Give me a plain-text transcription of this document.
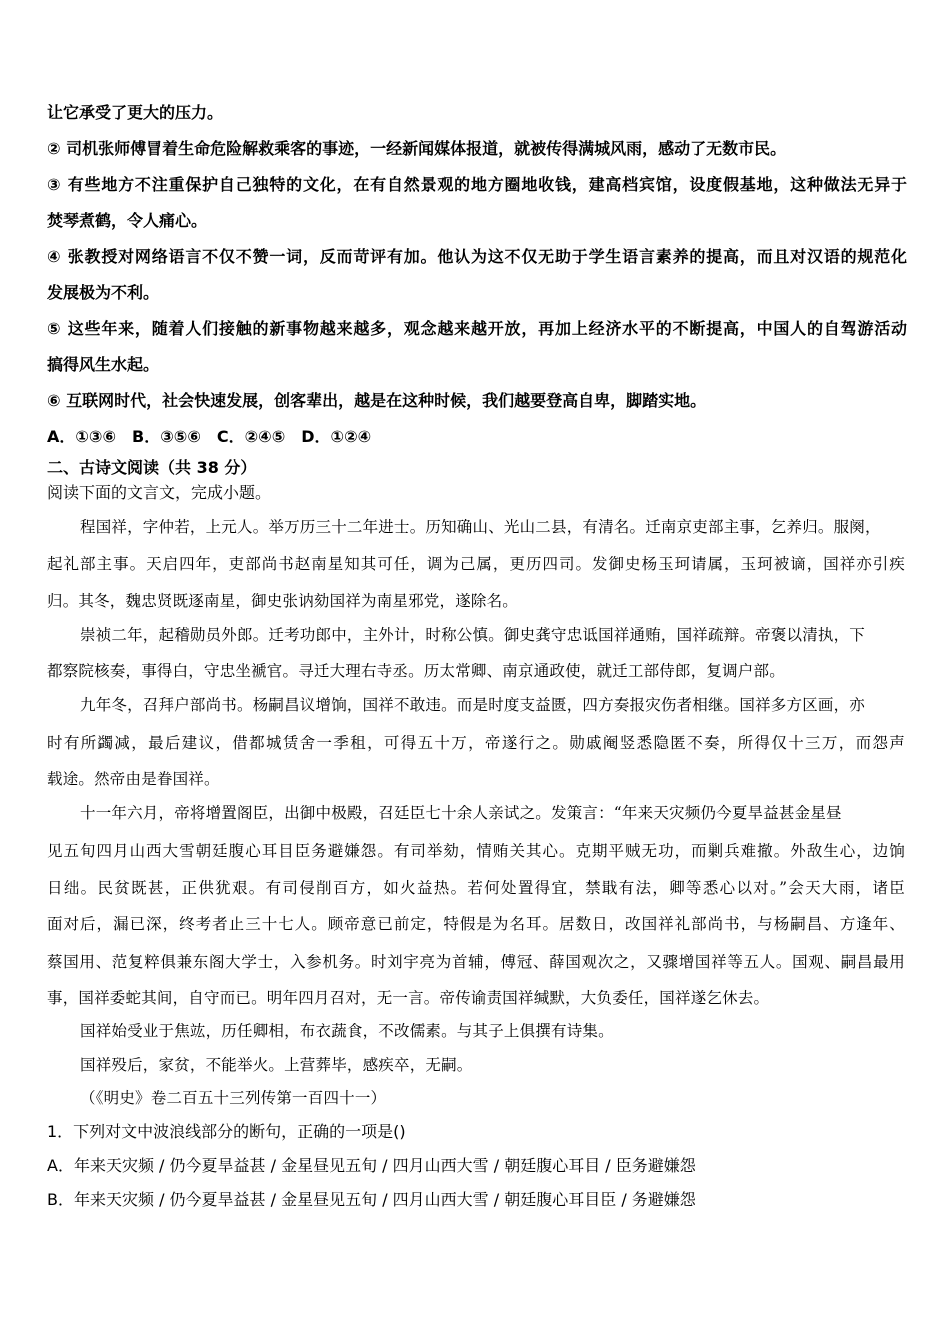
让它承受了更大的压力。
② 司机张师傅冒着生命危险解救乘客的事迹，一经新闻媒体报道，就被传得满城风雨，感动了无数市民。
③ 有些地方不注重保护自己独特的文化，在有自然景观的地方圈地收钱，建高档宾馆，设度假基地，这种做法无异于
焚琴煮鹤，令人痛心。
④ 张教授对网络语言不仅不赞一词，反而苛评有加。他认为这不仅无助于学生语言素养的提高，而且对汉语的规范化
发展极为不利。
⑤ 这些年来，随着人们接触的新事物越来越多，观念越来越开放，再加上经济水平的不断提高，中国人的自驾游活动
搞得风生水起。
⑥ 互联网时代，社会快速发展，创客辈出，越是在这种时候，我们越要登高自卑，脚踏实地。
A．①③⑥　B．③⑤⑥　C．②④⑤　D．①②④
二、古诗文阅读（共 38 分）
阅读下面的文言文，完成小题。
程国祥，字仲若，上元人。举万历三十二年进士。历知确山、光山二县，有清名。迁南京吏部主事，乞养归。服阕，
起礼部主事。天启四年，吏部尚书赵南星知其可任，调为己属，更历四司。发御史杨玉珂请属，玉珂被谪，国祥亦引疾
归。其冬，魏忠贤既逐南星，御史张讷劾国祥为南星邪党，遂除名。
崇祯二年，起稽勋员外郎。迁考功郎中，主外计，时称公慎。御史龚守忠诋国祥通贿，国祥疏辩。帝褒以清执，下
都察院核奏，事得白，守忠坐褫官。寻迁大理右寺丞。历太常卿、南京通政使，就迁工部侍郎，复调户部。
九年冬，召拜户部尚书。杨嗣昌议增饷，国祥不敢违。而是时度支益匮，四方奏报灾伤者相继。国祥多方区画，亦
时有所蠲减，最后建议，借都城赁舍一季租，可得五十万，帝遂行之。勋戚阉竖悉隐匿不奏，所得仅十三万，而怨声
载途。然帝由是眷国祥。
十一年六月，帝将增置阁臣，出御中极殿，召廷臣七十余人亲试之。发策言：“年来天灾频仍今夏旱益甚金星昼
见五旬四月山西大雪朝廷腹心耳目臣务避嫌怨。有司举劾，情贿关其心。克期平贼无功，而剿兵难撤。外敌生心，边饷
日绌。民贫既甚，正供犹艰。有司侵削百方，如火益热。若何处置得宜，禁戢有法，卿等悉心以对。”会天大雨，诸臣
面对后，漏已深，终考者止三十七人。顾帝意已前定，特假是为名耳。居数日，改国祥礼部尚书，与杨嗣昌、方逢年、
蔡国用、范复粹俱兼东阁大学士，入参机务。时刘宇亮为首辅，傅冠、薛国观次之，又骤增国祥等五人。国观、嗣昌最用
事，国祥委蛇其间，自守而已。明年四月召对，无一言。帝传谕责国祥缄默，大负委任，国祥遂乞休去。
国祥始受业于焦竑，历任卿相，布衣蔬食，不改儒素。与其子上俱撰有诗集。
国祥殁后，家贫，不能举火。上营葬毕，感疾卒，无嗣。
（《明史》卷二百五十三列传第一百四十一）
1．下列对文中波浪线部分的断句，正确的一项是()
A．年来天灾频 / 仍今夏旱益甚 / 金星昼见五旬 / 四月山西大雪 / 朝廷腹心耳目 / 臣务避嫌怨
B．年来天灾频 / 仍今夏旱益甚 / 金星昼见五旬 / 四月山西大雪 / 朝廷腹心耳目臣 / 务避嫌怨
